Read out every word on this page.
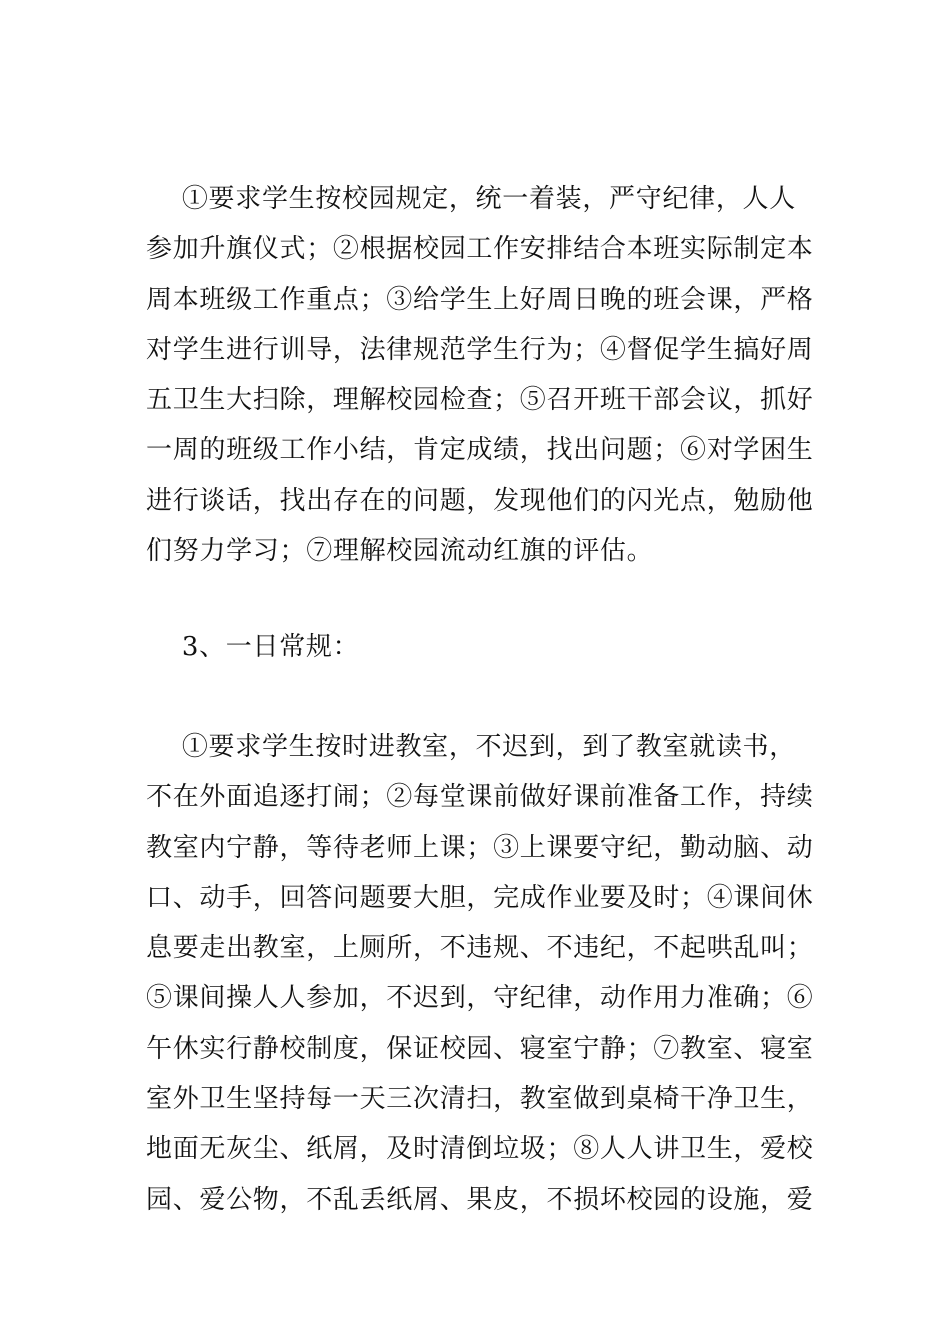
①要求学生按校园规定，统一着装，严守纪律，人人
参加升旗仪式；②根据校园工作安排结合本班实际制定本
周本班级工作重点；③给学生上好周日晚的班会课，严格
对学生进行训导，法律规范学生行为；④督促学生搞好周
五卫生大扫除，理解校园检查；⑤召开班干部会议，抓好
一周的班级工作小结，肯定成绩，找出问题；⑥对学困生
进行谈话，找出存在的问题，发现他们的闪光点，勉励他
们努力学习；⑦理解校园流动红旗的评估。
3、一日常规：
①要求学生按时进教室，不迟到，到了教室就读书，
不在外面追逐打闹；②每堂课前做好课前准备工作，持续
教室内宁静，等待老师上课；③上课要守纪，勤动脑、动
口、动手，回答问题要大胆，完成作业要及时；④课间休
息要走出教室，上厕所，不违规、不违纪，不起哄乱叫；
⑤课间操人人参加，不迟到，守纪律，动作用力准确；⑥
午休实行静校制度，保证校园、寝室宁静；⑦教室、寝室
室外卫生坚持每一天三次清扫，教室做到桌椅干净卫生，
地面无灰尘、纸屑，及时清倒垃圾；⑧人人讲卫生，爱校
园、爱公物，不乱丢纸屑、果皮，不损坏校园的设施，爱
